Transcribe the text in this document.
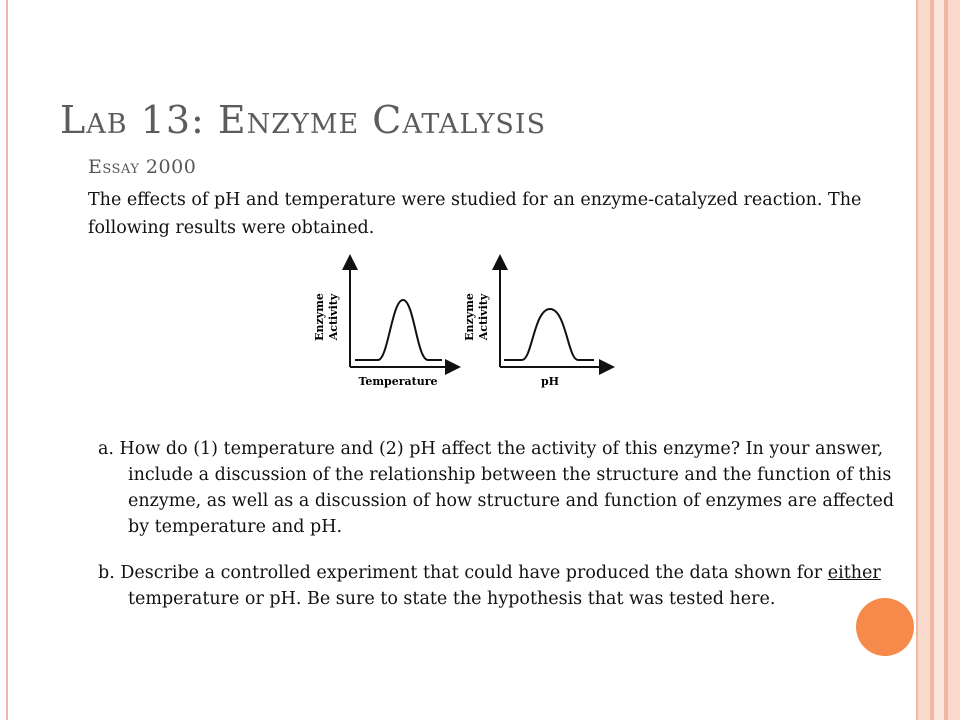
Lab 13: Enzyme Catalysis
Essay 2000
The effects of pH and temperature were studied for an enzyme-catalyzed reaction. The following results were obtained.
Enzyme Activity
Temperature
Enzyme Activity
pH
a. How do (1) temperature and (2) pH affect the activity of this enzyme? In your answer, include a discussion of the relationship between the structure and the function of this enzyme, as well as a discussion of how structure and function of enzymes are affected by temperature and pH.
b. Describe a controlled experiment that could have produced the data shown for either temperature or pH. Be sure to state the hypothesis that was tested here.
